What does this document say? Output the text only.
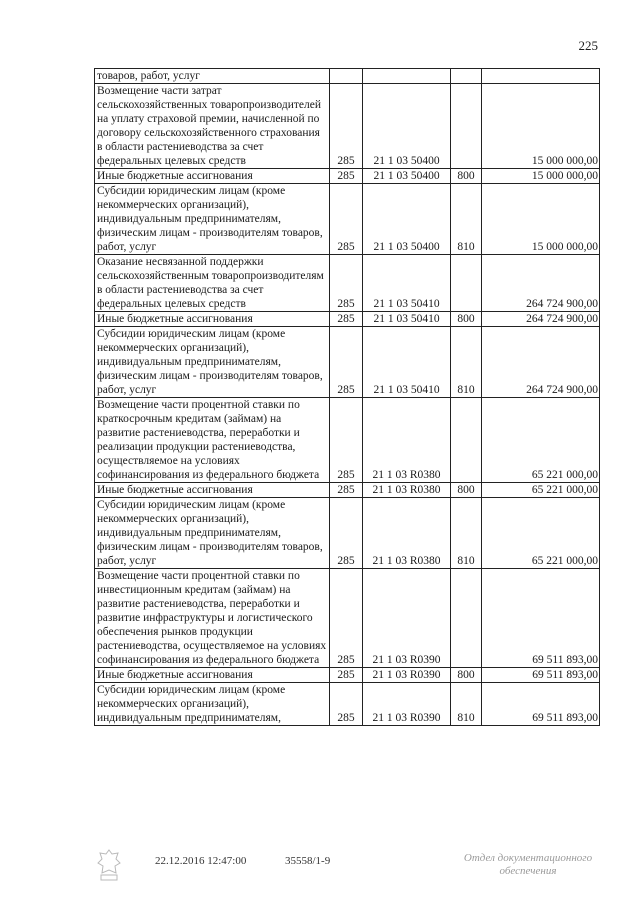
225
товаров, работ, услуг				
Возмещение части затрат сельскохозяйственных товаропроизводителей на уплату страховой премии, начисленной по договору сельскохозяйственного страхования в области растениеводства за счет федеральных целевых средств	285	21 1 03 50400		15 000 000,00
Иные бюджетные ассигнования	285	21 1 03 50400	800	15 000 000,00
Субсидии юридическим лицам (кроме некоммерческих организаций), индивидуальным предпринимателям, физическим лицам - производителям товаров, работ, услуг	285	21 1 03 50400	810	15 000 000,00
Оказание несвязанной поддержки сельскохозяйственным товаропроизводителям в области растениеводства за счет федеральных целевых средств	285	21 1 03 50410		264 724 900,00
Иные бюджетные ассигнования	285	21 1 03 50410	800	264 724 900,00
Субсидии юридическим лицам (кроме некоммерческих организаций), индивидуальным предпринимателям, физическим лицам - производителям товаров, работ, услуг	285	21 1 03 50410	810	264 724 900,00
Возмещение части процентной ставки по краткосрочным кредитам (займам) на развитие растениеводства, переработки и реализации продукции растениеводства, осуществляемое на условиях софинансирования из федерального бюджета	285	21 1 03 R0380		65 221 000,00
Иные бюджетные ассигнования	285	21 1 03 R0380	800	65 221 000,00
Субсидии юридическим лицам (кроме некоммерческих организаций), индивидуальным предпринимателям, физическим лицам - производителям товаров, работ, услуг	285	21 1 03 R0380	810	65 221 000,00
Возмещение части процентной ставки по инвестиционным кредитам (займам) на развитие растениеводства, переработки и развитие инфраструктуры и логистического обеспечения рынков продукции растениеводства, осуществляемое на условиях софинансирования из федерального бюджета	285	21 1 03 R0390		69 511 893,00
Иные бюджетные ассигнования	285	21 1 03 R0390	800	69 511 893,00
Субсидии юридическим лицам (кроме некоммерческих организаций), индивидуальным предпринимателям,	285	21 1 03 R0390	810	69 511 893,00
22.12.2016 12:47:00	35558/1-9	Отдел документационного
обеспечения
